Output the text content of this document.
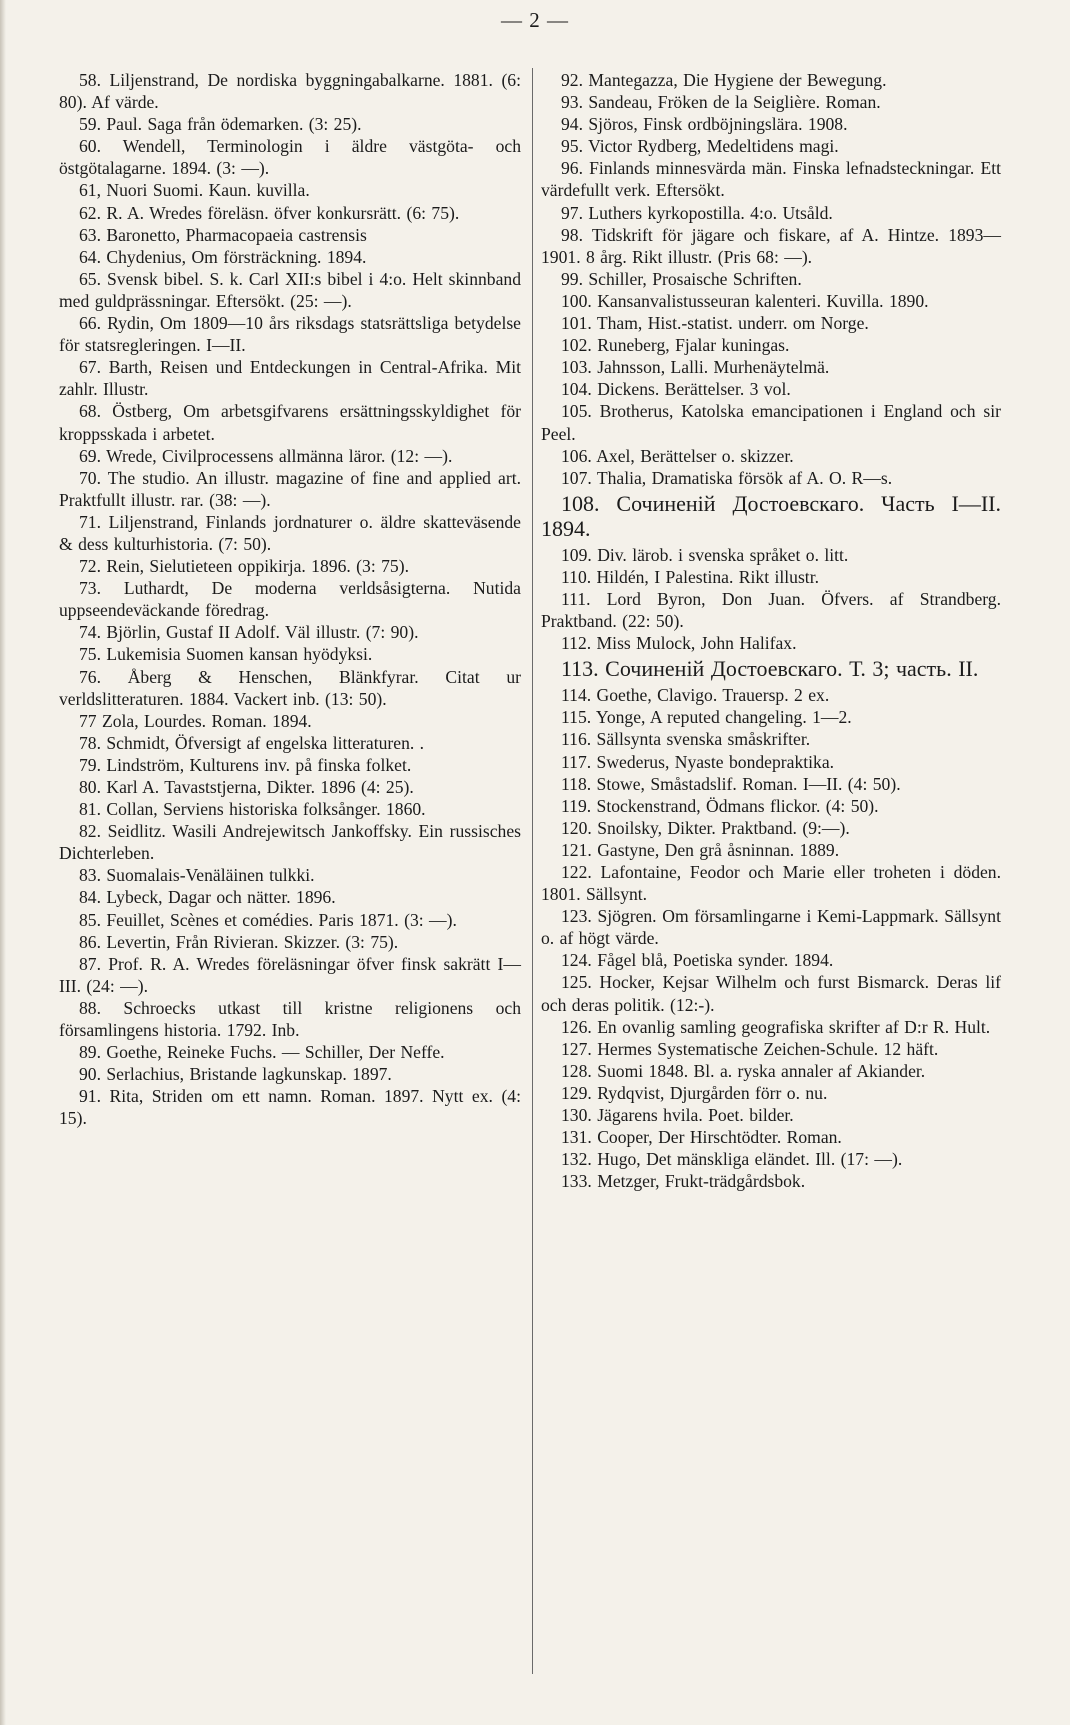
— 2 —

58. Liljenstrand, De nordiska byggningabalkarne. 1881. (6: 80). Af värde.

59. Paul. Saga från ödemarken. (3: 25).

60. Wendell, Terminologin i äldre västgöta- och östgötalagarne. 1894. (3: —).

61, Nuori Suomi. Kaun. kuvilla.

62. R. A. Wredes föreläsn. öfver konkursrätt. (6: 75).

63. Baronetto, Pharmacopaeia castrensis

64. Chydenius, Om försträckning. 1894.

65. Svensk bibel. S. k. Carl XII:s bibel i 4:o. Helt skinnband med guldprässningar. Eftersökt. (25: —).

66. Rydin, Om 1809—10 års riksdags statsrättsliga betydelse för statsregleringen. I—II.

67. Barth, Reisen und Entdeckungen in Central-Afrika. Mit zahlr. Illustr.

68. Östberg, Om arbetsgifvarens ersättningsskyldighet för kroppsskada i arbetet.

69. Wrede, Civilprocessens allmänna läror. (12: —).

70. The studio. An illustr. magazine of fine and applied art. Praktfullt illustr. rar. (38: —).

71. Liljenstrand, Finlands jordnaturer o. äldre skatteväsende & dess kulturhistoria. (7: 50).

72. Rein, Sielutieteen oppikirja. 1896. (3: 75).

73. Luthardt, De moderna verldsåsigterna. Nutida uppseendeväckande föredrag.

74. Björlin, Gustaf II Adolf. Väl illustr. (7: 90).

75. Lukemisia Suomen kansan hyödyksi.

76. Åberg & Henschen, Blänkfyrar. Citat ur verldslitteraturen. 1884. Vackert inb. (13: 50).

77 Zola, Lourdes. Roman. 1894.

78. Schmidt, Öfversigt af engelska litteraturen. .

79. Lindström, Kulturens inv. på finska folket.

80. Karl A. Tavaststjerna, Dikter. 1896 (4: 25).

81. Collan, Serviens historiska folksånger. 1860.

82. Seidlitz. Wasili Andrejewitsch Jankoffsky. Ein russisches Dichterleben.

83. Suomalais-Venäläinen tulkki.

84. Lybeck, Dagar och nätter. 1896.

85. Feuillet, Scènes et comédies. Paris 1871. (3: —).

86. Levertin, Från Rivieran. Skizzer. (3: 75).

87. Prof. R. A. Wredes föreläsningar öfver finsk sakrätt I—III. (24: —).

88. Schroecks utkast till kristne religionens och församlingens historia. 1792. Inb.

89. Goethe, Reineke Fuchs. — Schiller, Der Neffe.

90. Serlachius, Bristande lagkunskap. 1897.

91. Rita, Striden om ett namn. Roman. 1897. Nytt ex. (4: 15).

92. Mantegazza, Die Hygiene der Bewegung.

93. Sandeau, Fröken de la Seiglière. Roman.

94. Sjöros, Finsk ordböjningslära. 1908.

95. Victor Rydberg, Medeltidens magi.

96. Finlands minnesvärda män. Finska lefnadsteckningar. Ett värdefullt verk. Eftersökt.

97. Luthers kyrkopostilla. 4:o. Utsåld.

98. Tidskrift för jägare och fiskare, af A. Hintze. 1893—1901. 8 årg. Rikt illustr. (Pris 68: —).

99. Schiller, Prosaische Schriften.

100. Kansanvalistusseuran kalenteri. Kuvilla. 1890.

101. Tham, Hist.-statist. underr. om Norge.

102. Runeberg, Fjalar kuningas.

103. Jahnsson, Lalli. Murhenäytelmä.

104. Dickens. Berättelser. 3 vol.

105. Brotherus, Katolska emancipationen i England och sir Peel.

106. Axel, Berättelser o. skizzer.

107. Thalia, Dramatiska försök af A. O. R—s.

108. Сочиненій Достоевскаго. Часть I—II. 1894.

109. Div. lärob. i svenska språket o. litt.

110. Hildén, I Palestina. Rikt illustr.

111. Lord Byron, Don Juan. Öfvers. af Strandberg. Praktband. (22: 50).

112. Miss Mulock, John Halifax.

113. Сочиненій Достоевскаго. Т. 3; часть. II.

114. Goethe, Clavigo. Trauersp. 2 ex.

115. Yonge, A reputed changeling. 1—2.

116. Sällsynta svenska småskrifter.

117. Swederus, Nyaste bondepraktika.

118. Stowe, Småstadslif. Roman. I—II. (4: 50).

119. Stockenstrand, Ödmans flickor. (4: 50).

120. Snoilsky, Dikter. Praktband. (9:—).

121. Gastyne, Den grå åsninnan. 1889.

122. Lafontaine, Feodor och Marie eller troheten i döden. 1801. Sällsynt.

123. Sjögren. Om församlingarne i Kemi-Lappmark. Sällsynt o. af högt värde.

124. Fågel blå, Poetiska synder. 1894.

125. Hocker, Kejsar Wilhelm och furst Bismarck. Deras lif och deras politik. (12:-).

126. En ovanlig samling geografiska skrifter af D:r R. Hult.

127. Hermes Systematische Zeichen-Schule. 12 häft.

128. Suomi 1848. Bl. a. ryska annaler af Akiander.

129. Rydqvist, Djurgården förr o. nu.

130. Jägarens hvila. Poet. bilder.

131. Cooper, Der Hirschtödter. Roman.

132. Hugo, Det mänskliga eländet. Ill. (17: —).

133. Metzger, Frukt-trädgårdsbok.
